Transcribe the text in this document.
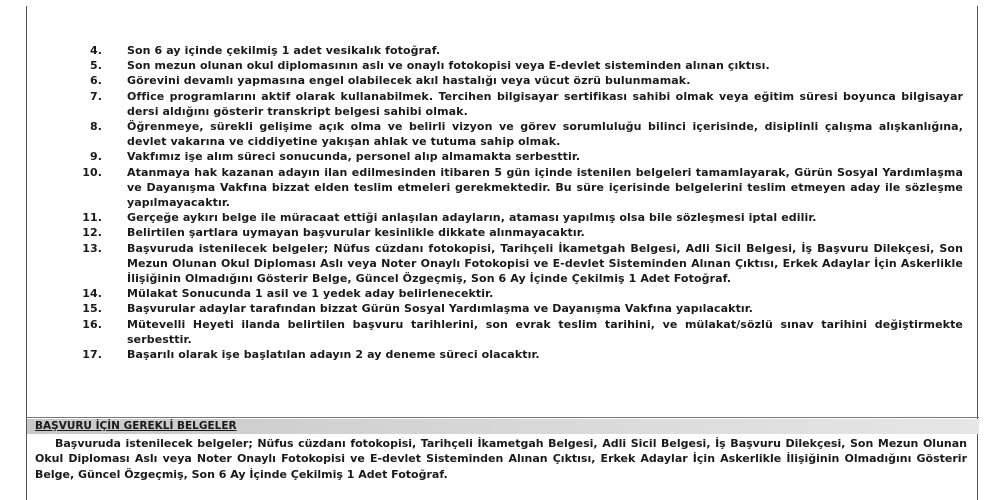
4. Son 6 ay içinde çekilmiş 1 adet vesikalık fotoğraf.
5. Son mezun olunan okul diplomasının aslı ve onaylı fotokopisi veya E-devlet sisteminden alınan çıktısı.
6. Görevini devamlı yapmasına engel olabilecek akıl hastalığı veya vücut özrü bulunmamak.
7. Office programlarını aktif olarak kullanabilmek. Tercihen bilgisayar sertifikası sahibi olmak veya eğitim süresi boyunca bilgisayar dersi aldığını gösterir transkript belgesi sahibi olmak.
8. Öğrenmeye, sürekli gelişime açık olma ve belirli vizyon ve görev sorumluluğu bilinci içerisinde, disiplinli çalışma alışkanlığına, devlet vakarına ve ciddiyetine yakışan ahlak ve tutuma sahip olmak.
9. Vakfımız işe alım süreci sonucunda, personel alıp almamakta serbesttir.
10. Atanmaya hak kazanan adayın ilan edilmesinden itibaren 5 gün içinde istenilen belgeleri tamamlayarak, Gürün Sosyal Yardımlaşma ve Dayanışma Vakfına bizzat elden teslim etmeleri gerekmektedir. Bu süre içerisinde belgelerini teslim etmeyen aday ile sözleşme yapılmayacaktır.
11. Gerçeğe aykırı belge ile müracaat ettiği anlaşılan adayların, ataması yapılmış olsa bile sözleşmesi iptal edilir.
12. Belirtilen şartlara uymayan başvurular kesinlikle dikkate alınmayacaktır.
13. Başvuruda istenilecek belgeler; Nüfus cüzdanı fotokopisi, Tarihçeli İkametgah Belgesi, Adli Sicil Belgesi, İş Başvuru Dilekçesi, Son Mezun Olunan Okul Diploması Aslı veya Noter Onaylı Fotokopisi ve E-devlet Sisteminden Alınan Çıktısı, Erkek Adaylar İçin Askerlikle İlişiğinin Olmadığını Gösterir Belge, Güncel Özgeçmiş, Son 6 Ay İçinde Çekilmiş 1 Adet Fotoğraf.
14. Mülakat Sonucunda 1 asil ve 1 yedek aday belirlenecektir.
15. Başvurular adaylar tarafından bizzat Gürün Sosyal Yardımlaşma ve Dayanışma Vakfına yapılacaktır.
16. Mütevelli Heyeti ilanda belirtilen başvuru tarihlerini, son evrak teslim tarihini, ve mülakat/sözlü sınav tarihini değiştirmekte serbesttir.
17. Başarılı olarak işe başlatılan adayın 2 ay deneme süreci olacaktır.
BAŞVURU İÇİN GEREKLİ BELGELER
Başvuruda istenilecek belgeler; Nüfus cüzdanı fotokopisi, Tarihçeli İkametgah Belgesi, Adli Sicil Belgesi, İş Başvuru Dilekçesi, Son Mezun Olunan Okul Diploması Aslı veya Noter Onaylı Fotokopisi ve E-devlet Sisteminden Alınan Çıktısı, Erkek Adaylar İçin Askerlikle İlişiğinin Olmadığını Gösterir Belge, Güncel Özgeçmiş, Son 6 Ay İçinde Çekilmiş 1 Adet Fotoğraf.
